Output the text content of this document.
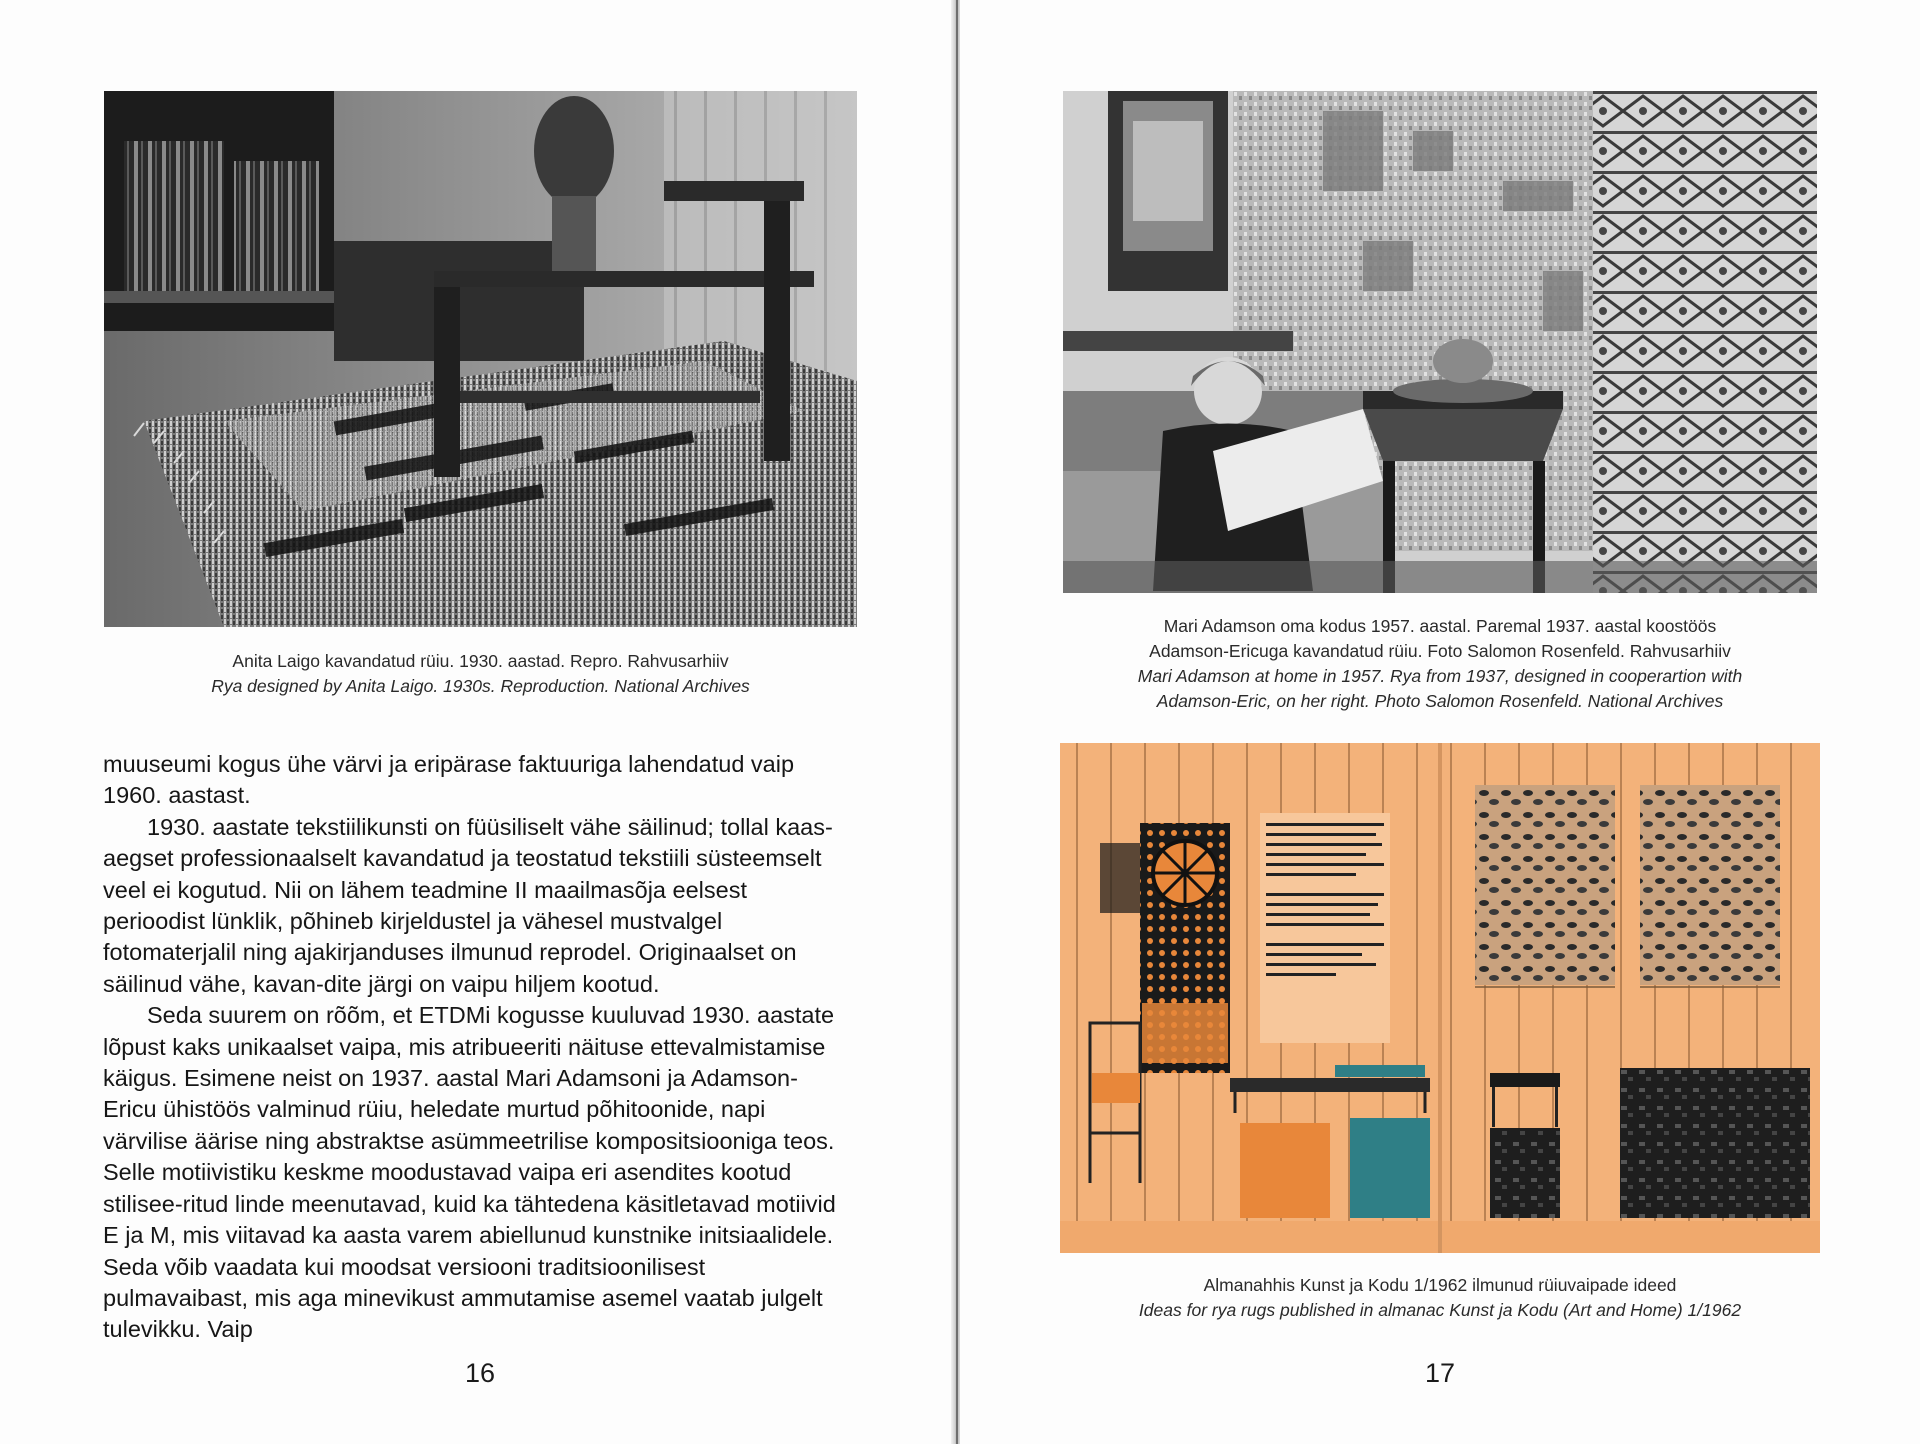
Anita Laigo kavandatud rüiu. 1930. aastad. Repro. Rahvusarhiiv
Rya designed by Anita Laigo. 1930s. Reproduction. National Archives

muuseumi kogus ühe värvi ja eripärase faktuuriga lahendatud vaip 1960. aastast.

1930. aastate tekstiilikunsti on füüsiliselt vähe säilinud; tollal kaas-aegset professionaalselt kavandatud ja teostatud tekstiili süsteemselt veel ei kogutud. Nii on lähem teadmine II maailmasõja eelsest perioodist lünklik, põhineb kirjeldustel ja vähesel mustvalgel fotomaterjalil ning ajakirjanduses ilmunud reprodel. Originaalset on säilinud vähe, kavan-dite järgi on vaipu hiljem kootud.

Seda suurem on rõõm, et ETDMi kogusse kuuluvad 1930. aastate lõpust kaks unikaalset vaipa, mis atribueeriti näituse ettevalmistamise käigus. Esimene neist on 1937. aastal Mari Adamsoni ja Adamson-Ericu ühistöös valminud rüiu, heledate murtud põhitoonide, napi värvilise äärise ning abstraktse asümmeetrilise kompositsiooniga teos. Selle motiivistiku keskme moodustavad vaipa eri asendites kootud stilisee-ritud linde meenutavad, kuid ka tähtedena käsitletavad motiivid E ja M, mis viitavad ka aasta varem abiellunud kunstnike initsiaalidele. Seda võib vaadata kui moodsat versiooni traditsioonilisest pulmavaibast, mis aga minevikust ammutamise asemel vaatab julgelt tulevikku. Vaip

16
Mari Adamson oma kodus 1957. aastal. Paremal 1937. aastal koostöös
Adamson-Ericuga kavandatud rüiu. Foto Salomon Rosenfeld. Rahvusarhiiv
Mari Adamson at home in 1957. Rya from 1937, designed in cooperartion with
Adamson-Eric, on her right. Photo Salomon Rosenfeld. National Archives
Almanahhis Kunst ja Kodu 1/1962 ilmunud rüiuvaipade ideed
Ideas for rya rugs published in almanac Kunst ja Kodu (Art and Home) 1/1962
17
